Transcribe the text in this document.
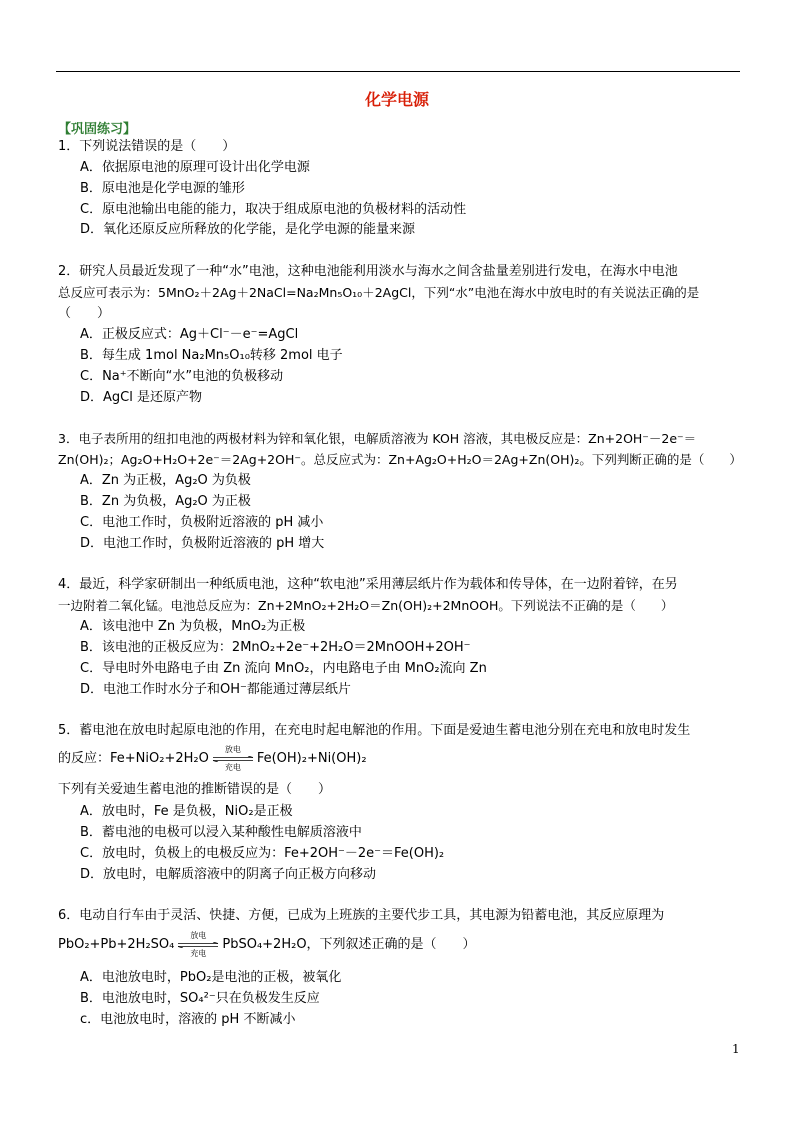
化学电源
【巩固练习】
1．下列说法错误的是（　　）
A．依据原电池的原理可设计出化学电源
B．原电池是化学电源的雏形
C．原电池输出电能的能力，取决于组成原电池的负极材料的活动性
D．氧化还原反应所释放的化学能，是化学电源的能量来源
2．研究人员最近发现了一种“水”电池，这种电池能利用淡水与海水之间含盐量差别进行发电，在海水中电池
总反应可表示为：5MnO₂＋2Ag＋2NaCl=Na₂Mn₅O₁₀＋2AgCl，下列“水”电池在海水中放电时的有关说法正确的是
（　　）
A．正极反应式：Ag＋Cl⁻－e⁻=AgCl
B．每生成 1mol Na₂Mn₅O₁₀转移 2mol 电子
C．Na⁺不断向“水”电池的负极移动
D．AgCl 是还原产物
3．电子表所用的纽扣电池的两极材料为锌和氧化银，电解质溶液为 KOH 溶液，其电极反应是：Zn+2OH⁻－2e⁻＝
Zn(OH)₂；Ag₂O+H₂O+2e⁻＝2Ag+2OH⁻。总反应式为：Zn+Ag₂O+H₂O＝2Ag+Zn(OH)₂。下列判断正确的是（　　）
A．Zn 为正极，Ag₂O 为负极
B．Zn 为负极，Ag₂O 为正极
C．电池工作时，负极附近溶液的 pH 减小
D．电池工作时，负极附近溶液的 pH 增大
4．最近，科学家研制出一种纸质电池，这种“软电池”采用薄层纸片作为载体和传导体，在一边附着锌，在另
一边附着二氧化锰。电池总反应为：Zn+2MnO₂+2H₂O＝Zn(OH)₂+2MnOOH。下列说法不正确的是（　　）
A．该电池中 Zn 为负极，MnO₂为正极
B．该电池的正极反应为：2MnO₂+2e⁻+2H₂O＝2MnOOH+2OH⁻
C．导电时外电路电子由 Zn 流向 MnO₂，内电路电子由 MnO₂流向 Zn
D．电池工作时水分子和OH⁻都能通过薄层纸片
5．蓄电池在放电时起原电池的作用，在充电时起电解池的作用。下面是爱迪生蓄电池分别在充电和放电时发生
的反应：Fe+NiO₂+2H₂O
放电
充电
Fe(OH)₂+Ni(OH)₂
下列有关爱迪生蓄电池的推断错误的是（　　）
A．放电时，Fe 是负极，NiO₂是正极
B．蓄电池的电极可以浸入某种酸性电解质溶液中
C．放电时，负极上的电极反应为：Fe+2OH⁻－2e⁻＝Fe(OH)₂
D．放电时，电解质溶液中的阴离子向正极方向移动
6．电动自行车由于灵活、快捷、方便，已成为上班族的主要代步工具，其电源为铅蓄电池，其反应原理为
PbO₂+Pb+2H₂SO₄
放电
充电
PbSO₄+2H₂O，下列叙述正确的是（　　）
A．电池放电时，PbO₂是电池的正极，被氧化
B．电池放电时，SO₄²⁻只在负极发生反应
c．电池放电时，溶液的 pH 不断减小
1
